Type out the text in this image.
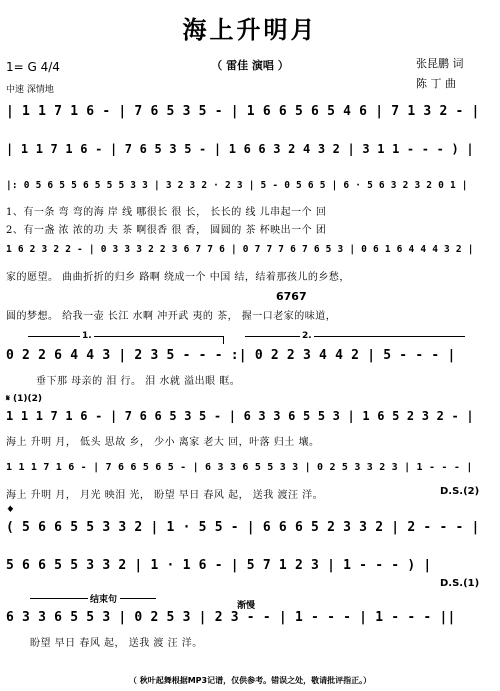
海上升明月
（ 雷佳 演唱 ）	张昆鹏 词
陈 丁 曲
1= G 4/4
中速 深情地
| 1 1 7 1 6 - | 7 6 5 3 5 - | 1 6 6 5 6 5 4 6 | 7 1 3 2 - |
| 1 1 7 1 6 - | 7 6 5 3 5 - | 1 6 6 3 2 4 3 2 | 3 1 1 - - - ) |
|: 0 5 6 5 5 6 5 5 5 3 3 | 3 2 3 2 · 2 3 | 5 - 0 5 6 5 | 6 · 5 6 3 2 3 2 0 1 |
1、有一条 弯 弯的海 岸 线 哪很长 很 长， 长长的 线 儿串起一个 回
2、有一盏 浓 浓的功 夫 茶 啊很香 很 香， 圆圆的 茶 杯映出一个 团
1 6 2 3 2 2 - | 0 3 3 3 2 2 3 6 7 7 6 | 0 7 7 7 6 7 6 5 3 | 0 6 1 6 4 4 4 3 2 |
家的愿望。 曲曲折折的归乡 路啊 绕成一个 中国 结，结着那孩儿的乡愁，
圆的梦想。 给我一壶 长江 水啊 冲开武 夷的 茶， 握一口老家的味道，
6767
1.	2.
0 2 2 6 4 4 3 | 2 3 5 - - - :| 0 2 2 3 4 4 2 | 5 - - - |
垂下那 母亲的 泪 行。 泪 水就 溢出眼 眶。
𝄋 (1)(2)
1 1 1 7 1 6 - | 7 6 6 5 3 5 - | 6 3 3 6 5 5 3 | 1 6 5 2 3 2 - |
海上 升明 月， 低头 思故 乡， 少小 离家 老大 回，叶落 归土 壤。
1 1 1 7 1 6 - | 7 6 6 5 6 5 - | 6 3 3 6 5 5 3 3 | 0 2 5 3 3 2 3 | 1 - - - |
海上 升明 月， 月光 映泪 光， 盼望 早日 春风 起， 送我 渡汪 洋。	D.S.(2)
𝄌
( 5 6 6 5 5 3 3 2 | 1 · 5 5 - | 6 6 6 5 2 3 3 2 | 2 - - - |
5 6 6 5 5 3 3 2 | 1 · 1 6 - | 5 7 1 2 3 | 1 - - - ) |
D.S.(1)
结束句
渐慢
6 3 3 6 5 5 3 | 0 2 5 3 | 2 3 - - | 1 - - - | 1 - - - ||
盼望 早日 春风 起， 送我 渡 汪 洋。
（ 秋叶起舞根据MP3记谱，仅供参考。错误之处，敬请批评指正。）
